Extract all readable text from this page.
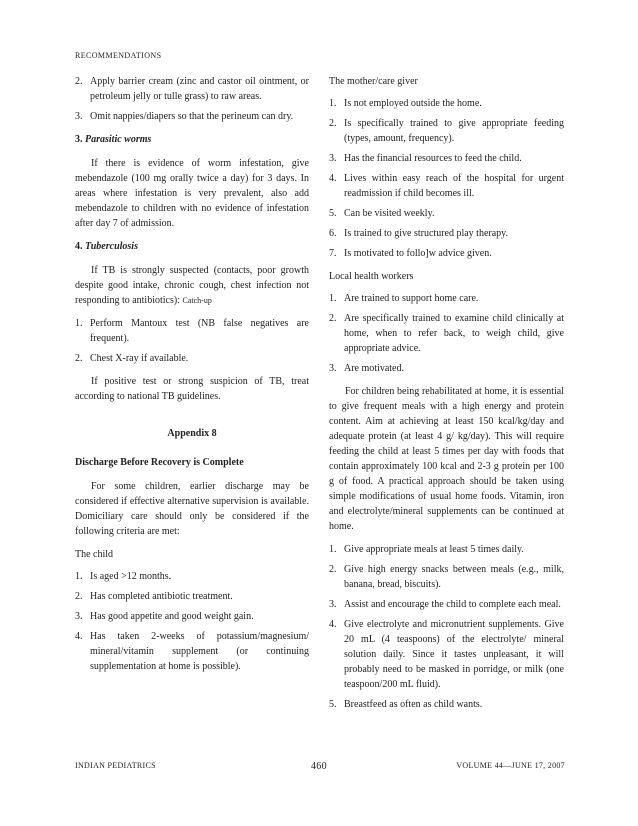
RECOMMENDATIONS
2. Apply barrier cream (zinc and castor oil ointment, or petroleum jelly or tulle grass) to raw areas.
3. Omit nappies/diapers so that the perineum can dry.
3. Parasitic worms

If there is evidence of worm infestation, give mebendazole (100 mg orally twice a day) for 3 days. In areas where infestation is very prevalent, also add mebendazole to children with no evidence of infestation after day 7 of admission.

4. Tuberculosis

If TB is strongly suspected (contacts, poor growth despite good intake, chronic cough, chest infection not responding to antibiotics): Catch-up

1. Perform Mantoux test (NB false negatives are frequent).
2. Chest X-ray if available.

If positive test or strong suspicion of TB, treat according to national TB guidelines.

Appendix 8
Discharge Before Recovery is Complete

For some children, earlier discharge may be considered if effective alternative supervision is available. Domiciliary care should only be considered if the following criteria are met:

The child

1. Is aged >12 months.
2. Has completed antibiotic treatment.
3. Has good appetite and good weight gain.
4. Has taken 2-weeks of potassium/magnesium/ mineral/vitamin supplement (or continuing supplementation at home is possible).

The mother/care giver

1. Is not employed outside the home.
2. Is specifically trained to give appropriate feeding (types, amount, frequency).
3. Has the financial resources to feed the child.
4. Lives within easy reach of the hospital for urgent readmission if child becomes ill.
5. Can be visited weekly.
6. Is trained to give structured play therapy.
7. Is motivated to follo]w advice given.

Local health workers

1. Are trained to support home care.
2. Are specifically trained to examine child clinically at home, when to refer back, to weigh child, give appropriate advice.
3. Are motivated.

For children being rehabilitated at home, it is essential to give frequent meals with a high energy and protein content. Aim at achieving at least 150 kcal/kg/day and adequate protein (at least 4 g/ kg/day). This will require feeding the child at least 5 times per day with foods that contain approximately 100 kcal and 2-3 g protein per 100 g of food. A practical approach should be taken using simple modifications of usual home foods. Vitamin, iron and electrolyte/mineral supplements can be continued at home.

1. Give appropriate meals at least 5 times daily.
2. Give high energy snacks between meals (e.g., milk, banana, bread, biscuits).
3. Assist and encourage the child to complete each meal.
4. Give electrolyte and micronutrient supplements. Give 20 mL (4 teaspoons) of the electrolyte/ mineral solution daily. Since it tastes unpleasant, it will probably need to be masked in porridge, or milk (one teaspoon/200 mL fluid).
5. Breastfeed as often as child wants.
INDIAN PEDIATRICS	460	VOLUME 44—JUNE 17, 2007
